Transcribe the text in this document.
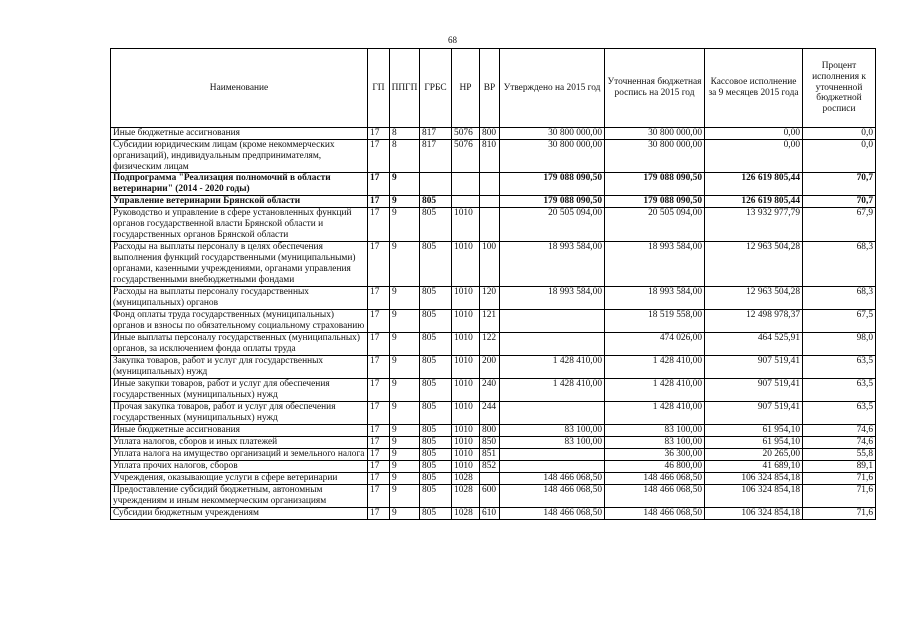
68
Наименование	ГП	ППГП	ГРБС	НР	ВР	Утверждено на 2015 год	Уточненная бюджетная роспись на 2015 год	Кассовое исполнение за 9 месяцев 2015 года	Процент исполнения к уточненной бюджетной росписи
Иные бюджетные ассигнования	17	8	817	5076	800	30 800 000,00	30 800 000,00	0,00	0,0
Субсидии юридическим лицам (кроме некоммерческих организаций), индивидуальным предпринимателям, физическим лицам	17	8	817	5076	810	30 800 000,00	30 800 000,00	0,00	0,0
Подпрограмма "Реализация полномочий в области ветеринарии" (2014 - 2020 годы)	17	9				179 088 090,50	179 088 090,50	126 619 805,44	70,7
Управление ветеринарии Брянской области	17	9	805			179 088 090,50	179 088 090,50	126 619 805,44	70,7
Руководство и управление в сфере установленных функций органов государственной власти Брянской области и государственных органов Брянской области	17	9	805	1010		20 505 094,00	20 505 094,00	13 932 977,79	67,9
Расходы на выплаты персоналу в целях обеспечения выполнения функций государственными (муниципальными) органами, казенными учреждениями, органами управления государственными внебюджетными фондами	17	9	805	1010	100	18 993 584,00	18 993 584,00	12 963 504,28	68,3
Расходы на выплаты персоналу государственных (муниципальных) органов	17	9	805	1010	120	18 993 584,00	18 993 584,00	12 963 504,28	68,3
Фонд оплаты труда государственных (муниципальных) органов и взносы по обязательному социальному страхованию	17	9	805	1010	121		18 519 558,00	12 498 978,37	67,5
Иные выплаты персоналу государственных (муниципальных) органов, за исключением фонда оплаты труда	17	9	805	1010	122		474 026,00	464 525,91	98,0
Закупка товаров, работ и услуг для государственных (муниципальных) нужд	17	9	805	1010	200	1 428 410,00	1 428 410,00	907 519,41	63,5
Иные закупки товаров, работ и услуг для обеспечения государственных (муниципальных) нужд	17	9	805	1010	240	1 428 410,00	1 428 410,00	907 519,41	63,5
Прочая закупка товаров, работ и услуг для обеспечения государственных (муниципальных) нужд	17	9	805	1010	244		1 428 410,00	907 519,41	63,5
Иные бюджетные ассигнования	17	9	805	1010	800	83 100,00	83 100,00	61 954,10	74,6
Уплата налогов, сборов и иных платежей	17	9	805	1010	850	83 100,00	83 100,00	61 954,10	74,6
Уплата налога на имущество организаций и земельного налога	17	9	805	1010	851		36 300,00	20 265,00	55,8
Уплата прочих налогов, сборов	17	9	805	1010	852		46 800,00	41 689,10	89,1
Учреждения, оказывающие услуги в сфере ветеринарии	17	9	805	1028		148 466 068,50	148 466 068,50	106 324 854,18	71,6
Предоставление субсидий бюджетным, автономным учреждениям и иным некоммерческим организациям	17	9	805	1028	600	148 466 068,50	148 466 068,50	106 324 854,18	71,6
Субсидии бюджетным учреждениям	17	9	805	1028	610	148 466 068,50	148 466 068,50	106 324 854,18	71,6
